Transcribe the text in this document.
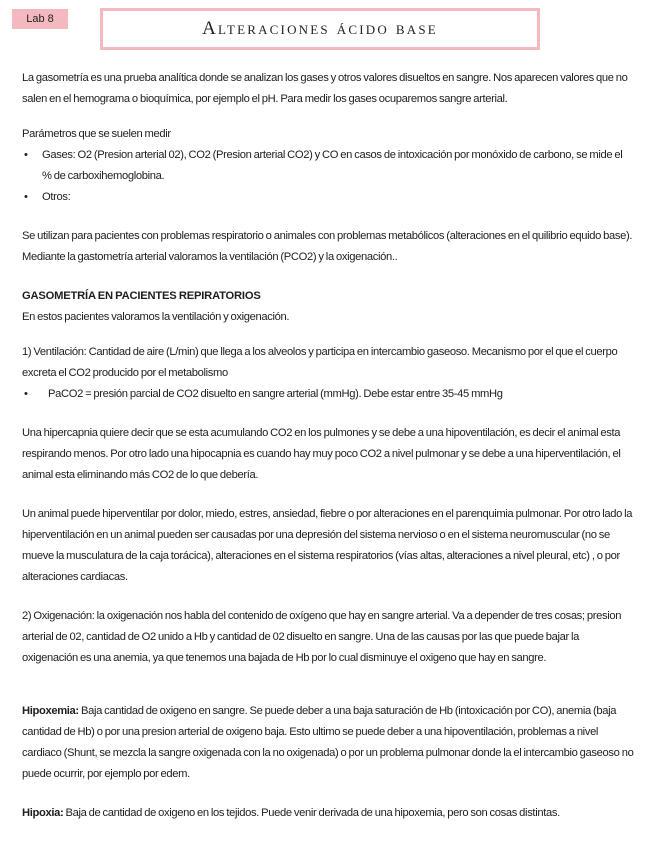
Lab 8	Alteraciones ácido base

La gasometría es una prueba analítica donde se analizan los gases y otros valores disueltos en sangre. Nos aparecen valores que no salen en el hemograma o bioquímica, por ejemplo el pH. Para medir los gases ocuparemos sangre arterial.

Parámetros que se suelen medir

• Gases: O2 (Presion arterial 02), CO2 (Presion arterial CO2) y CO en casos de intoxicación por monóxido de carbono, se mide el % de carboxihemoglobina.
• Otros:

Se utilizan para pacientes con problemas respiratorio o animales con problemas metabólicos (alteraciones en el quilibrio equido base). Mediante la gastometría arterial valoramos la ventilación (PCO2) y la oxigenación..

GASOMETRÍA EN PACIENTES REPIRATORIOS

En estos pacientes valoramos la ventilación y oxigenación.

1) Ventilación: Cantidad de aire (L/min) que llega a los alveolos y participa en intercambio gaseoso. Mecanismo por el que el cuerpo excreta el CO2 producido por el metabolismo

• PaCO2 = presión parcial de CO2 disuelto en sangre arterial (mmHg). Debe estar entre 35-45 mmHg

Una hipercapnia quiere decir que se esta acumulando CO2 en los pulmones y se debe a una hipoventilación, es decir el animal esta respirando menos. Por otro lado una hipocapnia es cuando hay muy poco CO2 a nivel pulmonar y se debe a una hiperventilación, el animal esta eliminando más CO2 de lo que debería.

Un animal puede hiperventilar por dolor, miedo, estres, ansiedad, fiebre o por alteraciones en el parenquimia pulmonar. Por otro lado la hiperventilación en un animal pueden ser causadas por una depresión del sistema nervioso o en el sistema neuromuscular (no se mueve la musculatura de la caja torácica), alteraciones en el sistema respiratorios (vías altas, alteraciones a nivel pleural, etc) , o por alteraciones cardiacas.

2) Oxigenación: la oxigenación nos habla del contenido de oxígeno que hay en sangre arterial. Va a depender de tres cosas; presion arterial de 02, cantidad de O2 unido a Hb y cantidad de 02 disuelto en sangre. Una de las causas por las que puede bajar la oxigenación es una anemia, ya que tenemos una bajada de Hb por lo cual disminuye el oxigeno que hay en sangre.

Hipoxemia: Baja cantidad de oxigeno en sangre. Se puede deber a una baja saturación de Hb (intoxicación por CO), anemia (baja cantidad de Hb) o por una presion arterial de oxigeno baja. Esto ultimo se puede deber a una hipoventilación, problemas a nivel cardiaco (Shunt, se mezcla la sangre oxigenada con la no oxigenada) o por un problema pulmonar donde la el intercambio gaseoso no puede ocurrir, por ejemplo por edem.

Hipoxia: Baja de cantidad de oxigeno en los tejidos. Puede venir derivada de una hipoxemia, pero son cosas distintas.
